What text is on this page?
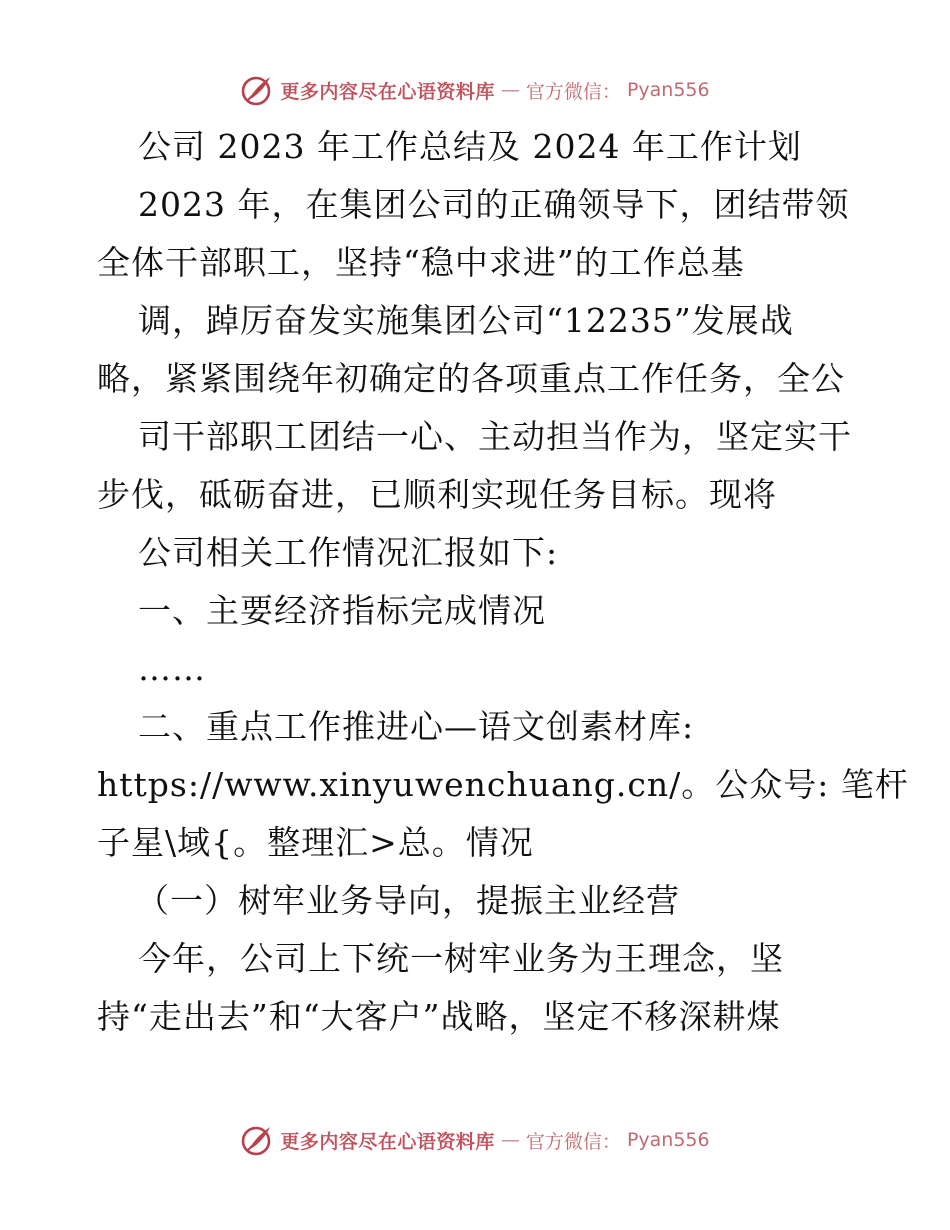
更多内容尽在心语资料库 — 官方微信： Pyan556
公司 2023 年工作总结及 2024 年工作计划
2023 年，在集团公司的正确领导下，团结带领
全体干部职工，坚持“稳中求进”的工作总基
调，踔厉奋发实施集团公司“12235”发展战
略，紧紧围绕年初确定的各项重点工作任务，全公
司干部职工团结一心、主动担当作为，坚定实干
步伐，砥砺奋进，已顺利实现任务目标。现将
公司相关工作情况汇报如下:
一、主要经济指标完成情况
……
二、重点工作推进心—语文创素材库:
https://www.xinyuwenchuang.cn/。公众号: 笔杆
子星\域{。整理汇>总。情况
（一）树牢业务导向，提振主业经营
今年，公司上下统一树牢业务为王理念，坚
持“走出去”和“大客户”战略，坚定不移深耕煤
更多内容尽在心语资料库 — 官方微信： Pyan556
